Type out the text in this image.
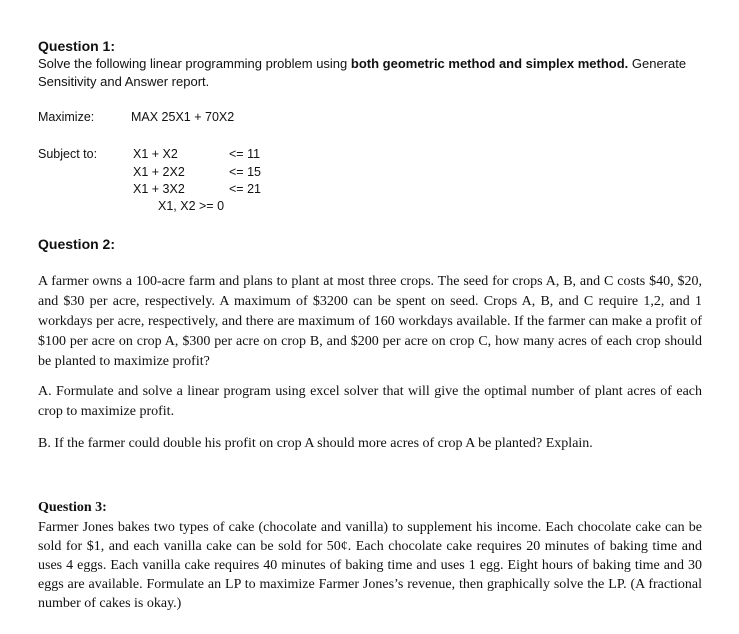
Question 1:
Solve the following linear programming problem using both geometric method and simplex method. Generate
Sensitivity and Answer report.
Maximize:	MAX 25X1 + 70X2
Subject to:	X1 + X2	<= 11
X1 + 2X2	<= 15
X1 + 3X2	<= 21
X1, X2 >= 0
Question 2:
A farmer owns a 100-acre farm and plans to plant at most three crops. The seed for crops A, B, and C costs $40, $20, and $30 per acre, respectively. A maximum of $3200 can be spent on seed. Crops A, B, and C require 1,2, and 1 workdays per acre, respectively, and there are maximum of 160 workdays available. If the farmer can make a profit of $100 per acre on crop A, $300 per acre on crop B, and $200 per acre on crop C, how many acres of each crop should be planted to maximize profit?
A. Formulate and solve a linear program using excel solver that will give the optimal number of plant acres of each crop to maximize profit.
B. If the farmer could double his profit on crop A should more acres of crop A be planted? Explain.
Question 3:
Farmer Jones bakes two types of cake (chocolate and vanilla) to supplement his income. Each chocolate cake can be sold for $1, and each vanilla cake can be sold for 50¢. Each chocolate cake requires 20 minutes of baking time and uses 4 eggs. Each vanilla cake requires 40 minutes of baking time and uses 1 egg. Eight hours of baking time and 30 eggs are available. Formulate an LP to maximize Farmer Jones’s revenue, then graphically solve the LP. (A fractional number of cakes is okay.)
